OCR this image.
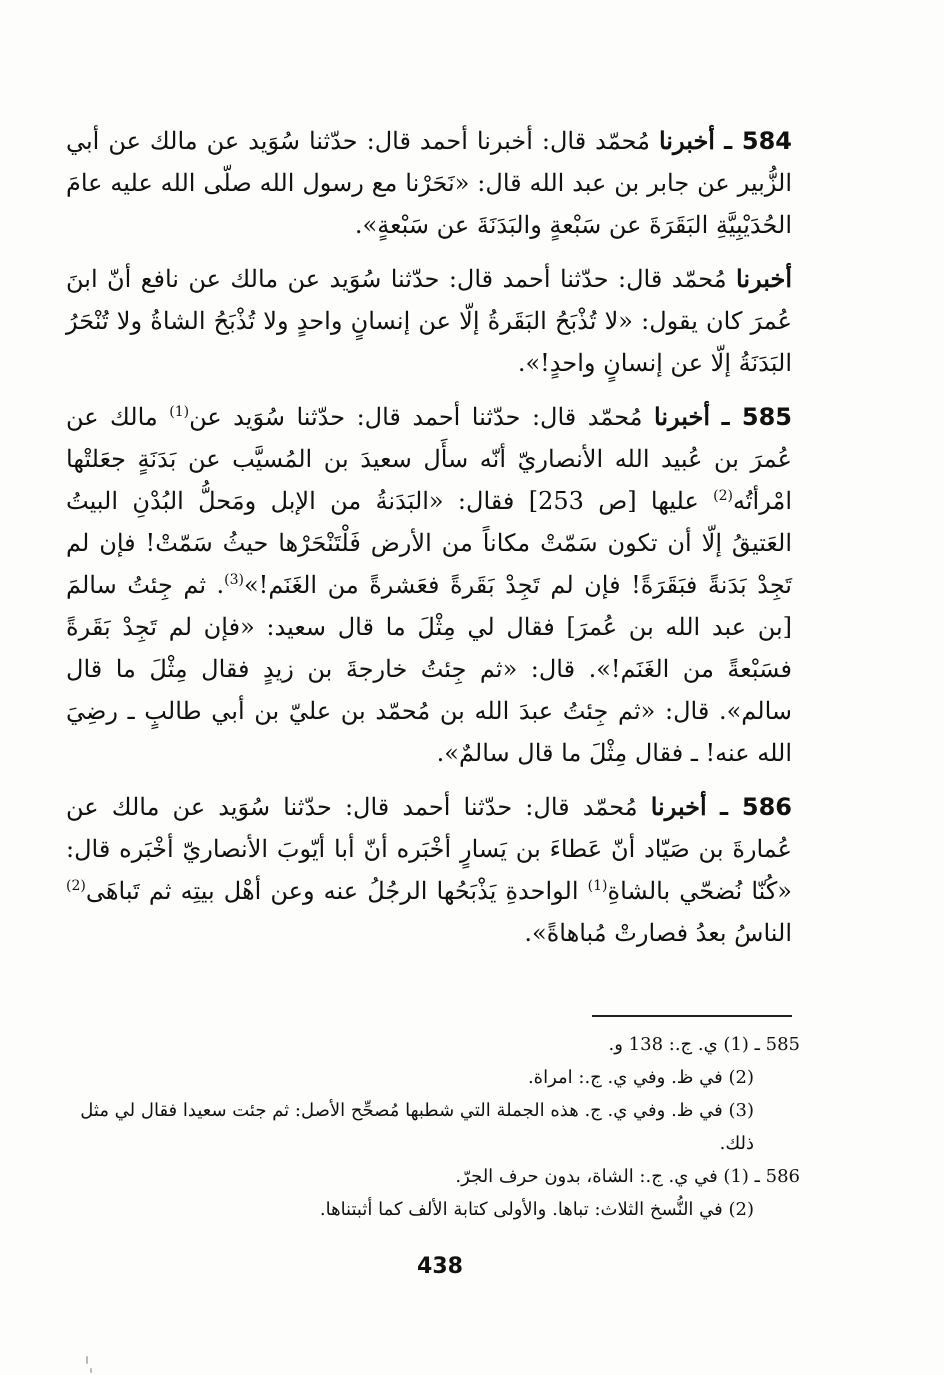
584 ـ أخبرنا مُحمّد قال: أخبرنا أحمد قال: حدّثنا سُوَيد عن مالك عن أبي الزُّبير عن جابر بن عبد الله قال: «نَحَرْنا مع رسول الله صلّى الله عليه عامَ الحُدَيْبِيَّةِ البَقَرَةَ عن سَبْعةٍ والبَدَنَةَ عن سَبْعةٍ».

أخبرنا مُحمّد قال: حدّثنا أحمد قال: حدّثنا سُوَيد عن مالك عن نافع أنّ ابنَ عُمرَ كان يقول: «لا تُذْبَحُ البَقَرةُ إلّا عن إنسانٍ واحدٍ ولا تُذْبَحُ الشاةُ ولا تُنْحَرُ البَدَنَةُ إلّا عن إنسانٍ واحدٍ!».

585 ـ أخبرنا مُحمّد قال: حدّثنا أحمد قال: حدّثنا سُوَيد عن$^{(1)}$ مالك عن عُمرَ بن عُبيد الله الأنصاريّ أنّه سأَل سعيدَ بن المُسيَّب عن بَدَنَةٍ جعَلتْها امْرأتُه$^{(2)}$ عليها [ص 253] فقال: «البَدَنةُ من الإبل ومَحلُّ البُدْنِ البيتُ العَتيقُ إلّا أن تكون سَمّتْ مكاناً من الأرض فَلْتَنْحَرْها حيثُ سَمّتْ! فإن لم تَجِدْ بَدَنةً فبَقَرَةً! فإن لم تَجِدْ بَقَرةً فعَشرةً من الغَنَم!»$^{(3)}$. ثم جِئتُ سالمَ [بن عبد الله بن عُمرَ] فقال لي مِثْلَ ما قال سعيد: «فإن لم تَجِدْ بَقَرةً فسَبْعةً من الغَنَم!». قال: «ثم جِئتُ خارجةَ بن زيدٍ فقال مِثْلَ ما قال سالم». قال: «ثم جِئتُ عبدَ الله بن مُحمّد بن عليّ بن أبي طالبٍ ـ رضِيَ الله عنه! ـ فقال مِثْلَ ما قال سالمٌ».

586 ـ أخبرنا مُحمّد قال: حدّثنا أحمد قال: حدّثنا سُوَيد عن مالك عن عُمارةَ بن صَيّاد أنّ عَطاءَ بن يَسارٍ أخْبَره أنّ أبا أيّوبَ الأنصاريّ أخْبَره قال: «كُنّا نُضحّي بالشاةِ$^{(1)}$ الواحدةِ يَذْبَحُها الرجُلُ عنه وعن أهْل بيتِه ثم تَباهَى$^{(2)}$ الناسُ بعدُ فصارتْ مُباهاةً».

585 ـ (1) ي. ج.: 138 و.

(2) في ظ. وفي ي. ج.: امراة.

(3) في ظ. وفي ي. ج. هذه الجملة التي شطبها مُصحِّح الأصل: ثم جئت سعيدا فقال لي مثل ذلك.

586 ـ (1) في ي. ج.: الشاة، بدون حرف الجرّ.

(2) في النُّسخ الثلاث: تباها. والأولى كتابة الألف كما أثبتناها.

438
